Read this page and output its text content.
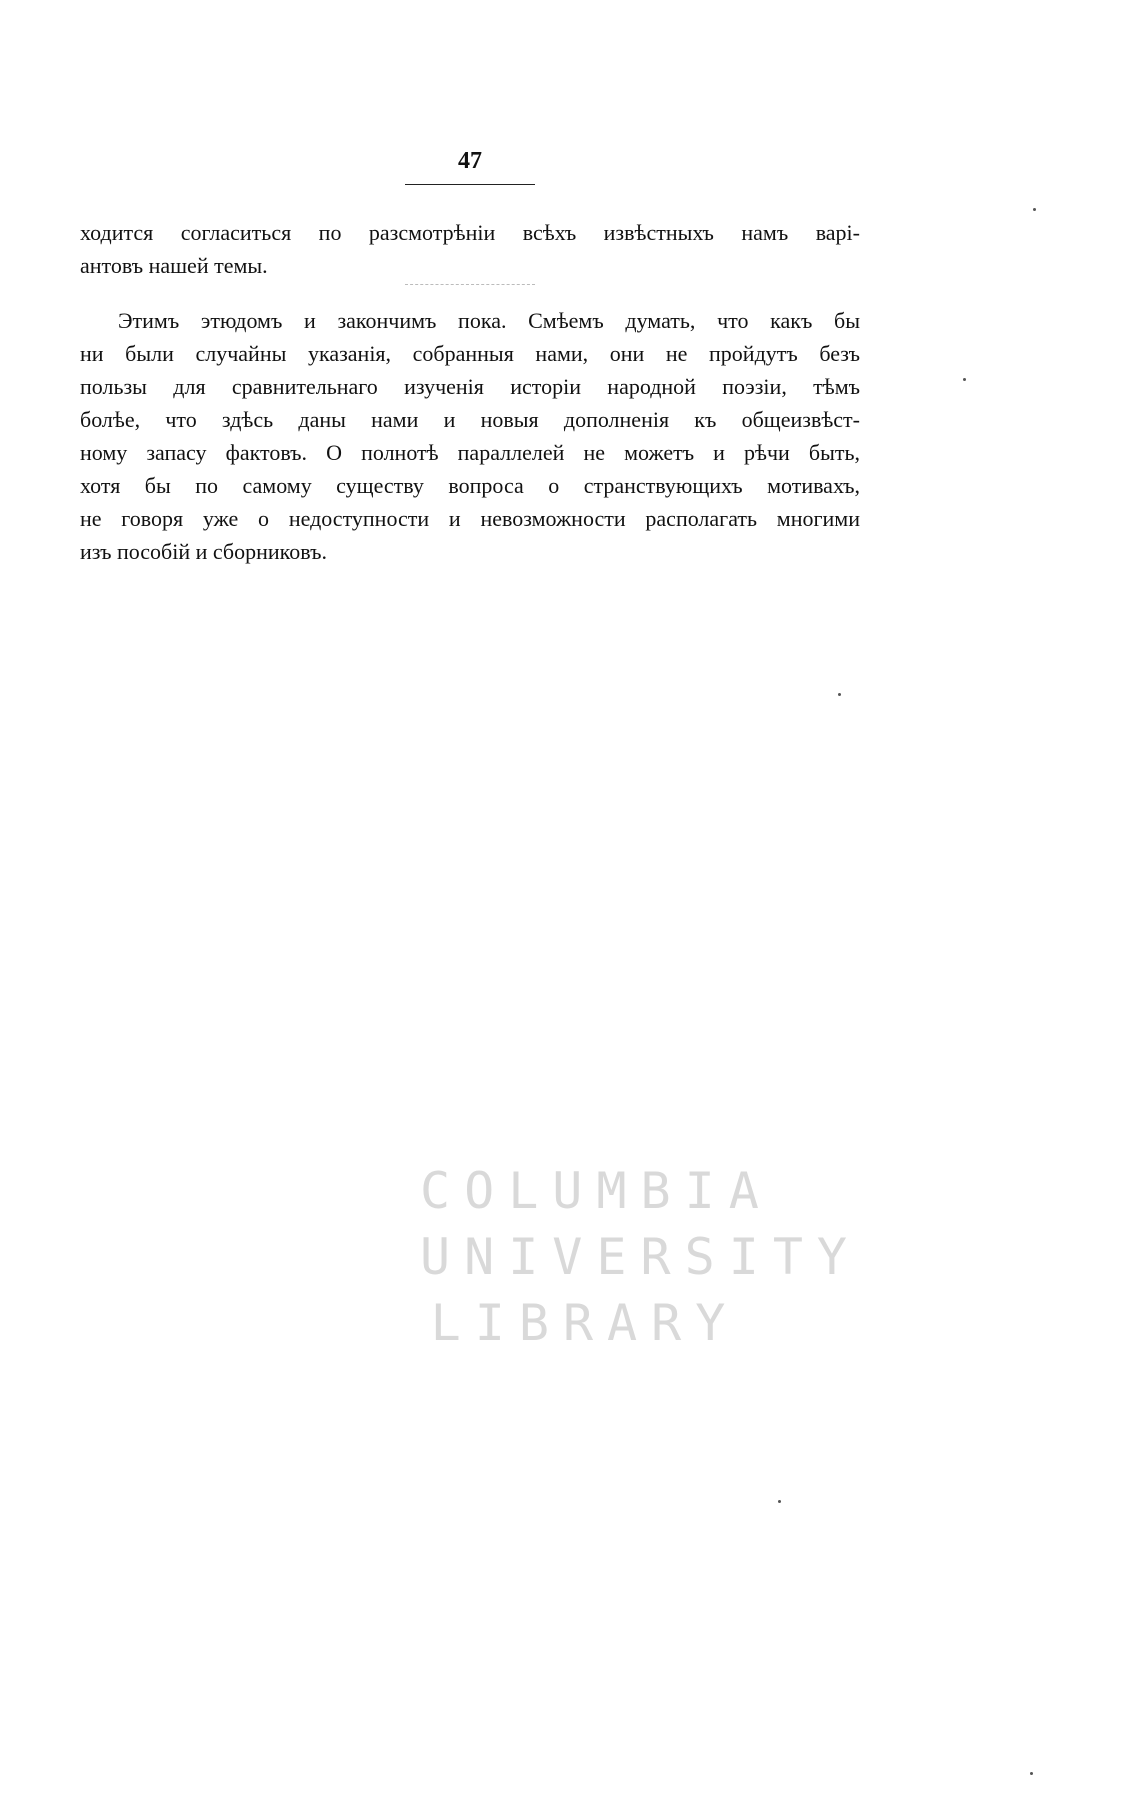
47
ходится согласиться по разсмотрѣніи всѣхъ извѣстныхъ намъ варі-
антовъ нашей темы.
Этимъ этюдомъ и закончимъ пока. Смѣемъ думать, что какъ бы
ни были случайны указанія, собранныя нами, они не пройдутъ безъ
пользы для сравнительнаго изученія исторіи народной поэзіи, тѣмъ
болѣе, что здѣсь даны нами и новыя дополненія къ общеизвѣст-
ному запасу фактовъ. О полнотѣ параллелей не можетъ и рѣчи быть,
хотя бы по самому существу вопроса о странствующихъ мотивахъ,
не говоря уже о недоступности и невозможности располагать многими
изъ пособій и сборниковъ.
COLUMBIA
UNIVERSITY
LIBRARY
